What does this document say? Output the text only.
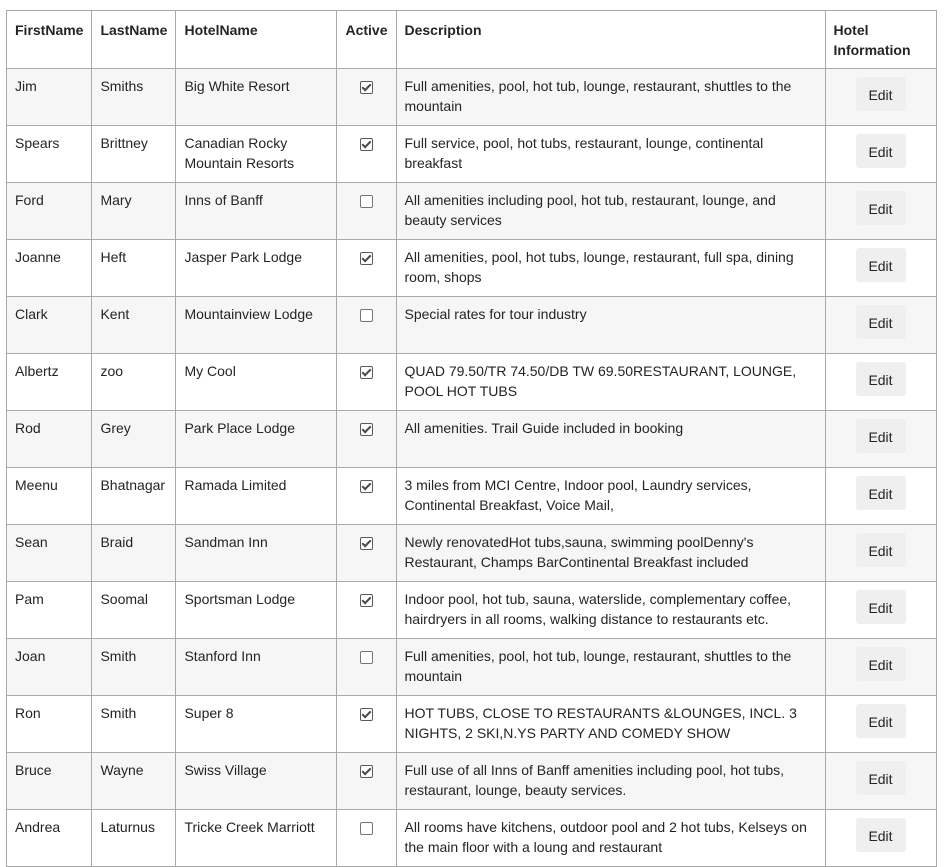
FirstName	LastName	HotelName	Active	Description	Hotel Information
Jim	Smiths	Big White Resort		Full amenities, pool, hot tub, lounge, restaurant, shuttles to the mountain	Edit
Spears	Brittney	Canadian Rocky Mountain Resorts		Full service, pool, hot tubs, restaurant, lounge, continental breakfast	Edit
Ford	Mary	Inns of Banff		All amenities including pool, hot tub, restaurant, lounge, and beauty services	Edit
Joanne	Heft	Jasper Park Lodge		All amenities, pool, hot tubs, lounge, restaurant, full spa, dining room, shops	Edit
Clark	Kent	Mountainview Lodge		Special rates for tour industry	Edit
Albertz	zoo	My Cool		QUAD 79.50/TR 74.50/DB TW 69.50RESTAURANT, LOUNGE, POOL HOT TUBS	Edit
Rod	Grey	Park Place Lodge		All amenities. Trail Guide included in booking	Edit
Meenu	Bhatnagar	Ramada Limited		3 miles from MCI Centre, Indoor pool, Laundry services, Continental Breakfast, Voice Mail,	Edit
Sean	Braid	Sandman Inn		Newly renovatedHot tubs,sauna, swimming poolDenny's Restaurant, Champs BarContinental Breakfast included	Edit
Pam	Soomal	Sportsman Lodge		Indoor pool, hot tub, sauna, waterslide, complementary coffee, hairdryers in all rooms, walking distance to restaurants etc.	Edit
Joan	Smith	Stanford Inn		Full amenities, pool, hot tub, lounge, restaurant, shuttles to the mountain	Edit
Ron	Smith	Super 8		HOT TUBS, CLOSE TO RESTAURANTS &LOUNGES, INCL. 3 NIGHTS, 2 SKI,N.YS PARTY AND COMEDY SHOW	Edit
Bruce	Wayne	Swiss Village		Full use of all Inns of Banff amenities including pool, hot tubs, restaurant, lounge, beauty services.	Edit
Andrea	Laturnus	Tricke Creek Marriott		All rooms have kitchens, outdoor pool and 2 hot tubs, Kelseys on the main floor with a loung and restaurant	Edit
